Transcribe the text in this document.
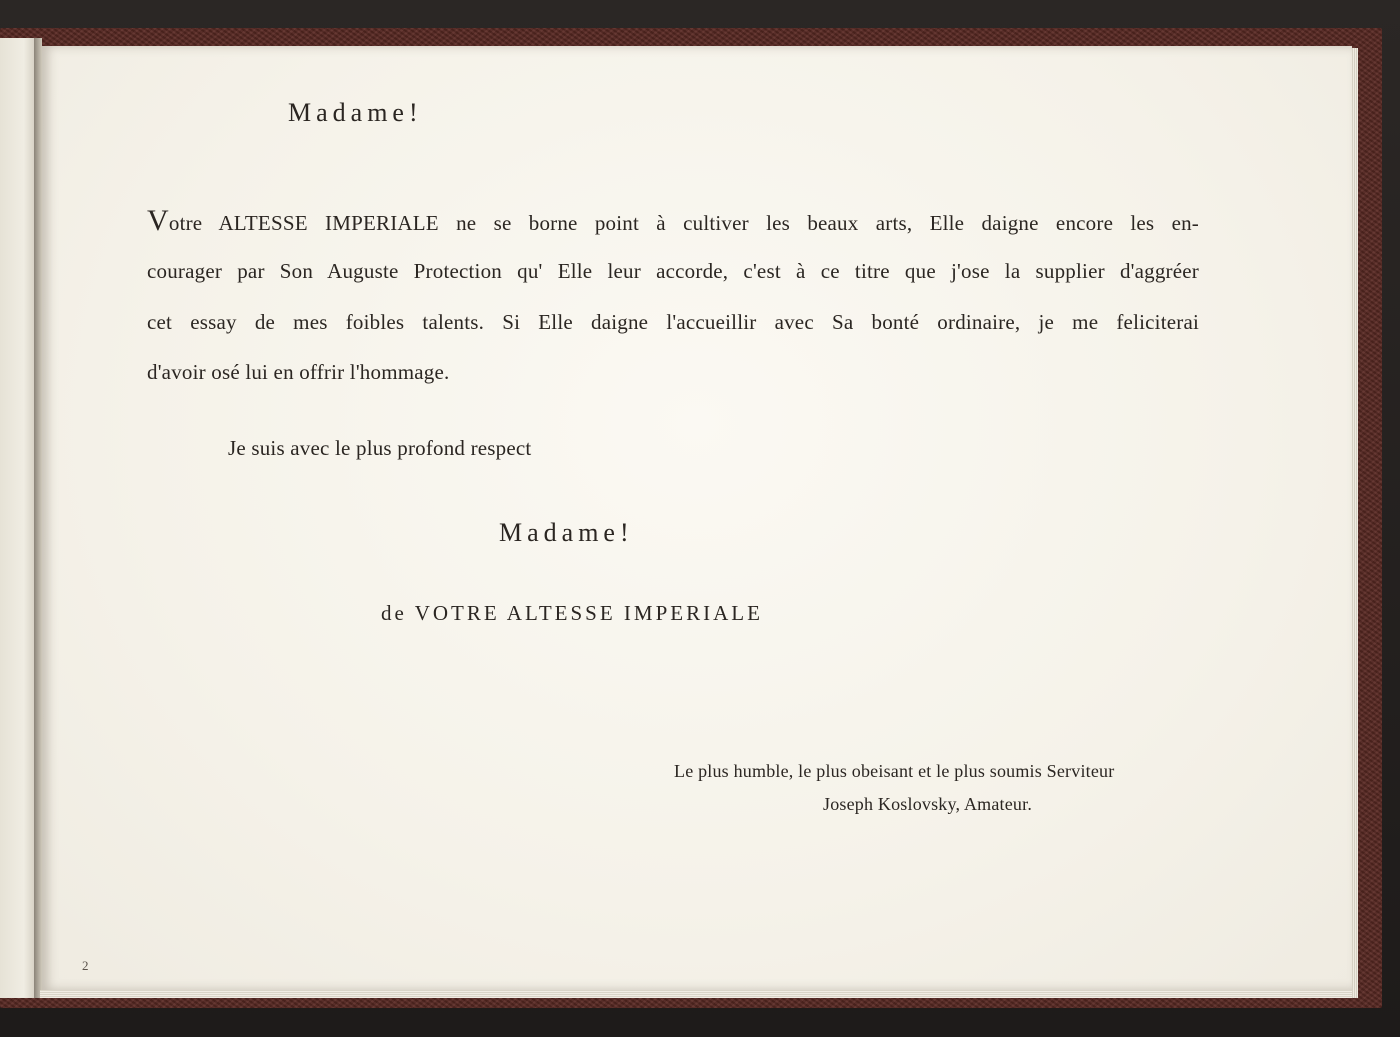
Madame!
Votre ALTESSE IMPERIALE ne se borne point à cultiver les beaux arts, Elle daigne encore les en-
courager par Son Auguste Protection qu' Elle leur accorde, c'est à ce titre que j'ose la supplier d'aggréer
cet essay de mes foibles talents. Si Elle daigne l'accueillir avec Sa bonté ordinaire, je me feliciterai
d'avoir osé lui en offrir l'hommage.
Je suis avec le plus profond respect
Madame!
de VOTRE ALTESSE IMPERIALE
Le plus humble, le plus obeisant et le plus soumis Serviteur
Joseph Koslovsky, Amateur.
2
